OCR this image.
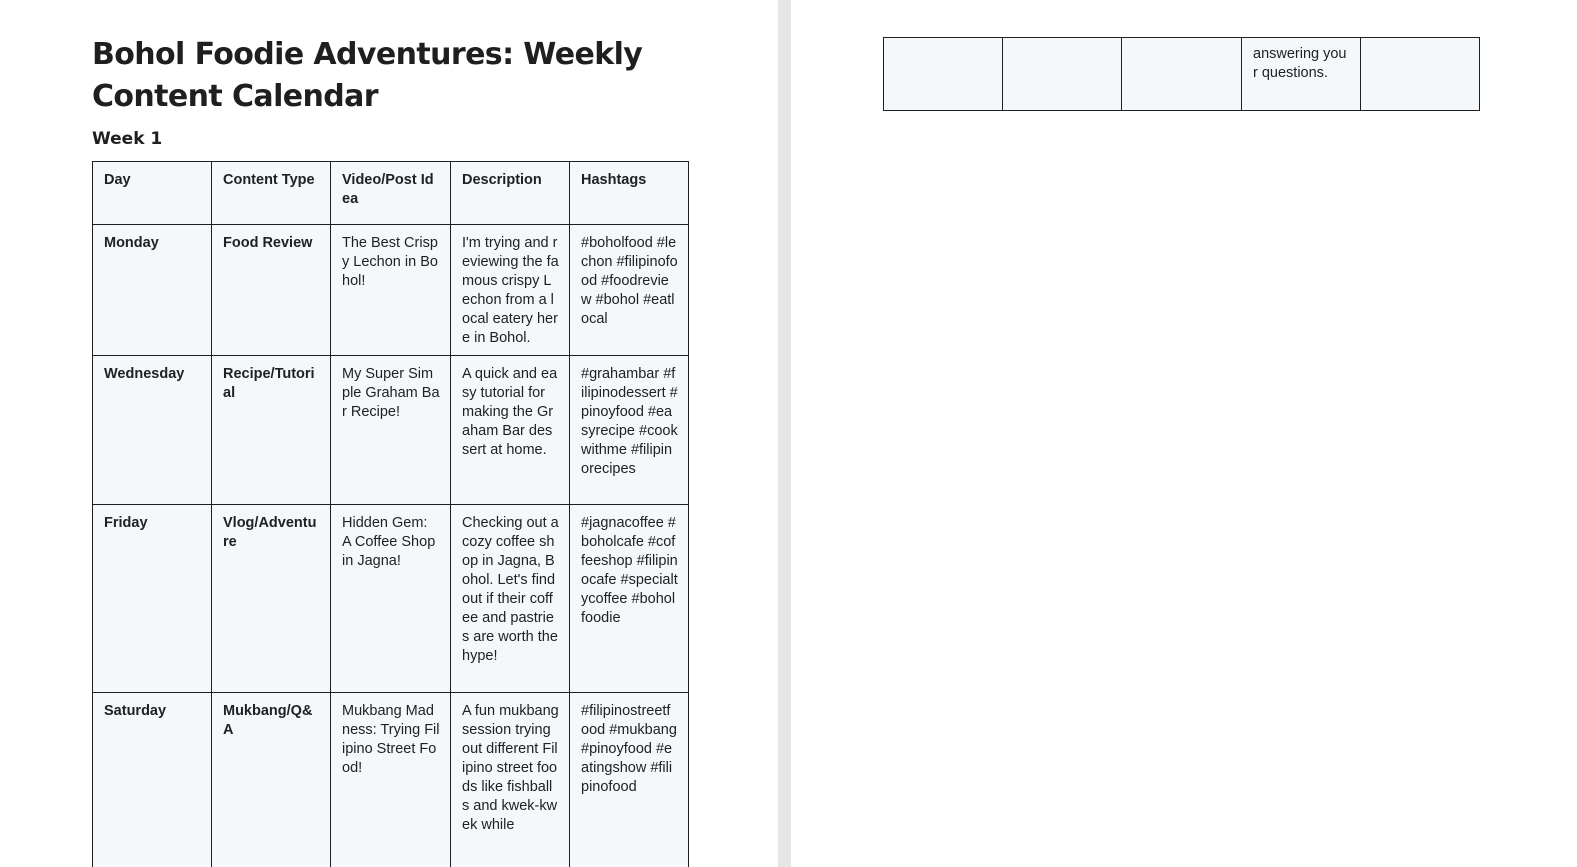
Bohol Foodie Adventures: Weekly Content Calendar
Week 1
Day	Content Type	Video/Post Idea	Description	Hashtags
Monday	Food Review	The Best Crispy Lechon in Bohol!	I'm trying and reviewing the famous crispy Lechon from a local eatery here in Bohol.	#boholfood #lechon #filipinofood #foodreview #bohol #eatlocal
Wednesday	Recipe/Tutorial	My Super Simple Graham Bar Recipe!	A quick and easy tutorial for making the Graham Bar dessert at home.	#grahambar #filipinodessert #pinoyfood #easyrecipe #cookwithme #filipinorecipes
Friday	Vlog/Adventure	Hidden Gem: A Coffee Shop in Jagna!	Checking out a cozy coffee shop in Jagna, Bohol. Let's find out if their coffee and pastries are worth the hype!	#jagnacoffee #boholcafe #coffeeshop #filipinocafe #specialtycoffee #boholfoodie
Saturday	Mukbang/Q&A	Mukbang Madness: Trying Filipino Street Food!	A fun mukbang session trying out different Filipino street foods like fishballs and kwek-kwek while	#filipinostreetfood #mukbang #pinoyfood #eatingshow #filipinofood
			answering your questions.	
